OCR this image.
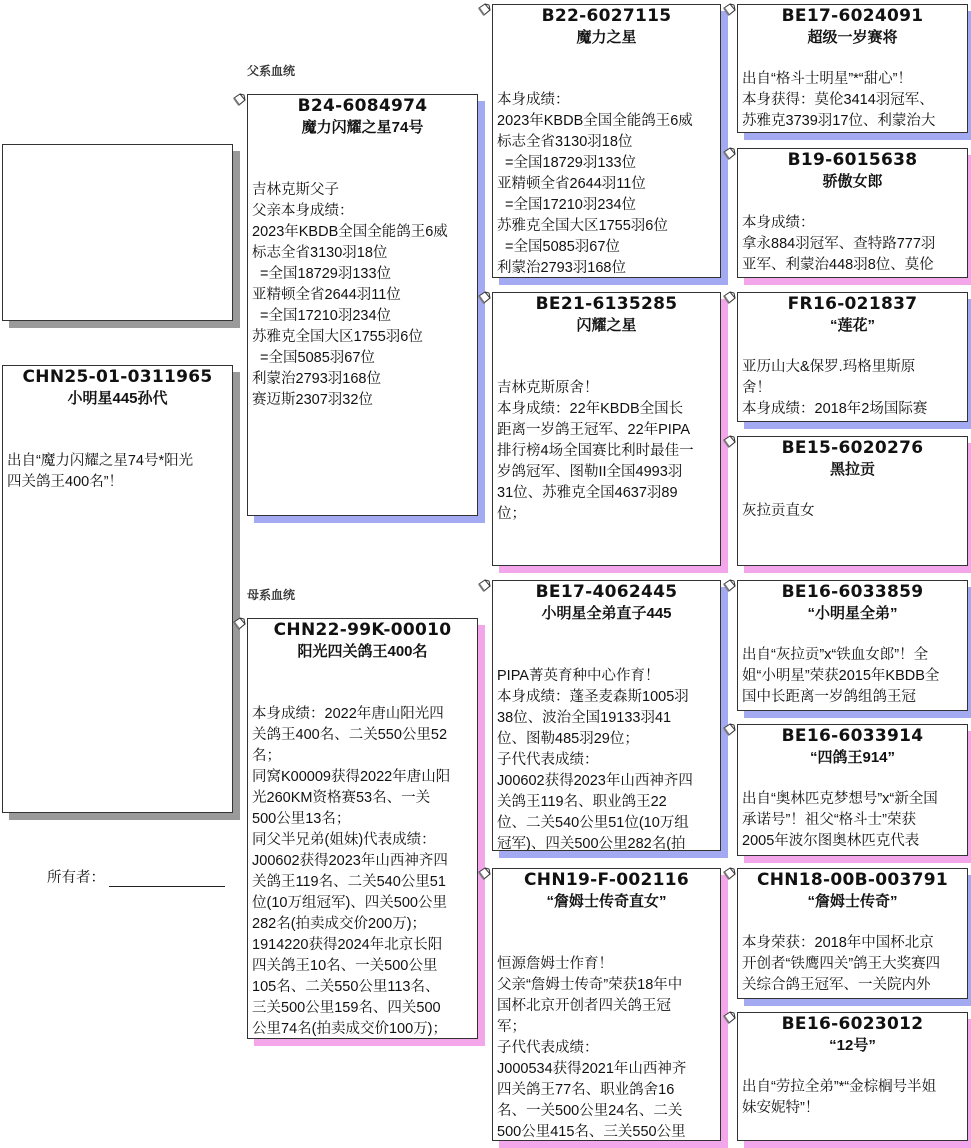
CHN25-01-0311965
小明星445孙代
出自“魔力闪耀之星74号*阳光
四关鸽王400名”！
所有者：
父系血统
母系血统
B24-6084974
魔力闪耀之星74号
吉林克斯父子
父亲本身成绩：
2023年KBDB全国全能鸽王6威
标志全省3130羽18位
=全国18729羽133位
亚精顿全省2644羽11位
=全国17210羽234位
苏雅克全国大区1755羽6位
=全国5085羽67位
利蒙治2793羽168位
赛迈斯2307羽32位
CHN22-99K-00010
阳光四关鸽王400名
本身成绩：2022年唐山阳光四
关鸽王400名、二关550公里52
名；
同窝K00009获得2022年唐山阳
光260KM资格赛53名、一关
500公里13名；
同父半兄弟(姐妹)代表成绩：
J00602获得2023年山西神齐四
关鸽王119名、二关540公里51
位(10万组冠军)、四关500公里
282名(拍卖成交价200万)；
1914220获得2024年北京长阳
四关鸽王10名、一关500公里
105名、二关550公里113名、
三关500公里159名、四关500
公里74名(拍卖成交价100万)；
B22-6027115
魔力之星
本身成绩：
2023年KBDB全国全能鸽王6威
标志全省3130羽18位
=全国18729羽133位
亚精顿全省2644羽11位
=全国17210羽234位
苏雅克全国大区1755羽6位
=全国5085羽67位
利蒙治2793羽168位
BE21-6135285
闪耀之星
吉林克斯原舍！
本身成绩：22年KBDB全国长
距离一岁鸽王冠军、22年PIPA
排行榜4场全国赛比利时最佳一
岁鸽冠军、图勒II全国4993羽
31位、苏雅克全国4637羽89
位；
BE17-4062445
小明星全弟直子445
PIPA菁英育种中心作育！
本身成绩：蓬圣麦森斯1005羽
38位、波治全国19133羽41
位、图勒485羽29位；
子代代表成绩：
J00602获得2023年山西神齐四
关鸽王119名、职业鸽王22
位、二关540公里51位(10万组
冠军)、四关500公里282名(拍
CHN19-F-002116
“詹姆士传奇直女”
恒源詹姆士作育！
父亲“詹姆士传奇”荣获18年中
国杯北京开创者四关鸽王冠
军；
子代代表成绩：
J000534获得2021年山西神齐
四关鸽王77名、职业鸽舍16
名、一关500公里24名、二关
500公里415名、三关550公里
BE17-6024091
超级一岁赛将
出自“格斗士明星”*“甜心”！
本身获得：莫伦3414羽冠军、
苏雅克3739羽17位、利蒙治大
B19-6015638
骄傲女郎
本身成绩：
拿永884羽冠军、查特路777羽
亚军、利蒙治448羽8位、莫伦
FR16-021837
“莲花”
亚历山大&保罗.玛格里斯原
舍！
本身成绩：2018年2场国际赛
BE15-6020276
黑拉贡
灰拉贡直女
BE16-6033859
“小明星全弟”
出自“灰拉贡”x“铁血女郎”！全
姐“小明星”荣获2015年KBDB全
国中长距离一岁鸽组鸽王冠
BE16-6033914
“四鸽王914”
出自“奥林匹克梦想号”x“新全国
承诺号”！祖父“格斗士”荣获
2005年波尔图奥林匹克代表
CHN18-00B-003791
“詹姆士传奇”
本身荣获：2018年中国杯北京
开创者“铁鹰四关”鸽王大奖赛四
关综合鸽王冠军、一关院内外
BE16-6023012
“12号”
出自“劳拉全弟”*“金棕榈号半姐
妹安妮特”！
